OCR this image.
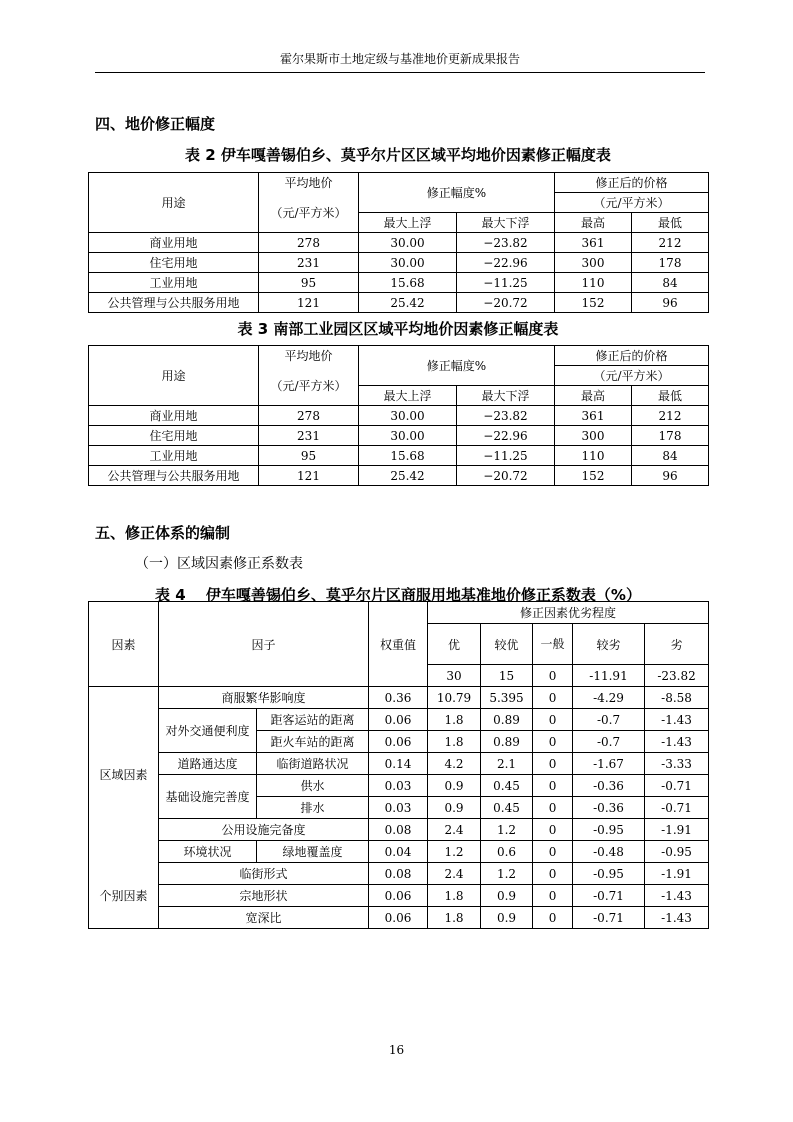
霍尔果斯市土地定级与基准地价更新成果报告
四、地价修正幅度
表 2 伊车嘎善锡伯乡、莫乎尔片区区域平均地价因素修正幅度表
用途	平均地价	修正幅度%		修正后的价格	
	（元/平方米）			（元/平方米）	
		最大上浮	最大下浮	最高	最低
商业用地	278	30.00	−23.82	361	212
住宅用地	231	30.00	−22.96	300	178
工业用地	95	15.68	−11.25	110	84
公共管理与公共服务用地	121	25.42	−20.72	152	96
表 3 南部工业园区区域平均地价因素修正幅度表
用途	平均地价	修正幅度%		修正后的价格	
	（元/平方米）			（元/平方米）	
		最大上浮	最大下浮	最高	最低
商业用地	278	30.00	−23.82	361	212
住宅用地	231	30.00	−22.96	300	178
工业用地	95	15.68	−11.25	110	84
公共管理与公共服务用地	121	25.42	−20.72	152	96
五、修正体系的编制
（一）区域因素修正系数表
表 4　 伊车嘎善锡伯乡、莫乎尔片区商服用地基准地价修正系数表（%）
因素	因子		权重值	修正因素优劣程度				
				优	较优	一般	较劣	劣
				30	15	0	-11.91	-23.82
区域因素	商服繁华影响度		0.36	10.79	5.395	0	-4.29	-8.58
	对外交通便利度	距客运站的距离	0.06	1.8	0.89	0	-0.7	-1.43
		距火车站的距离	0.06	1.8	0.89	0	-0.7	-1.43
	道路通达度	临街道路状况	0.14	4.2	2.1	0	-1.67	-3.33
	基础设施完善度	供水	0.03	0.9	0.45	0	-0.36	-0.71
		排水	0.03	0.9	0.45	0	-0.36	-0.71
	公用设施完备度		0.08	2.4	1.2	0	-0.95	-1.91
	环境状况	绿地覆盖度	0.04	1.2	0.6	0	-0.48	-0.95
个别因素	临街形式		0.08	2.4	1.2	0	-0.95	-1.91
	宗地形状		0.06	1.8	0.9	0	-0.71	-1.43
	宽深比		0.06	1.8	0.9	0	-0.71	-1.43
16
